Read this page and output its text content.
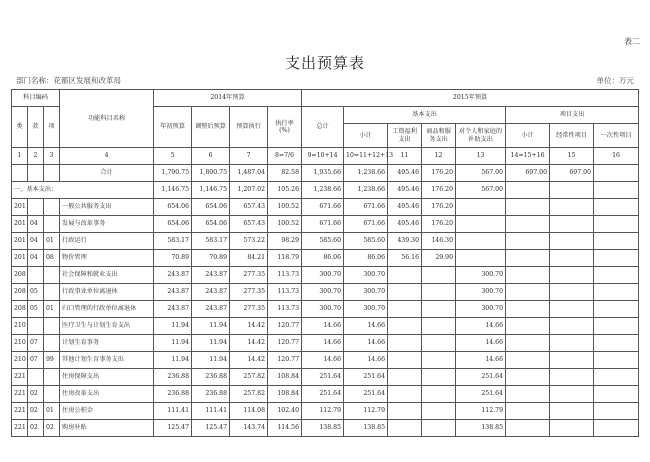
表二
支出预算表
部门名称：花都区发展和改革局	单位：万元
科目编码			功能科目名称	2014年预算				2015年预算							
类	款	项		年初预算	调整后预算	预算执行	执行率(%)	总计	基本支出				项目支出		
									小计	工资福利支出	商品和服务支出	对个人和家庭的补助支出	小计	经常性项目	一次性项目
1	2	3	4	5	6	7	8=7/6	9=10+14	10=11+12+13	11	12	13	14=15+16	15	16
			合计	1,790.75	1,800.75	1,487.04	82.58	1,935.66	1,238.66	495.46	176.20	567.00	697.00	697.00	
一、基本支出：				1,146.75	1,146.75	1,207.02	105.26	1,238.66	1,238.66	495.46	176.20	567.00			
201			一般公共服务支出	654.06	654.06	657.43	100.52	671.66	671.66	495.46	176.20				
201	04		发展与改革事务	654.06	654.06	657.43	100.52	671.66	671.66	495.46	176.20				
201	04	01	行政运行	583.17	583.17	573.22	98.29	585.60	585.60	439.30	146.30				
201	04	08	物价管理	70.89	70.89	84.21	118.79	86.06	86.06	56.16	29.90				
208			社会保障和就业支出	243.87	243.87	277.35	113.73	300.70	300.70			300.70			
208	05		行政事业单位离退休	243.87	243.87	277.35	113.73	300.70	300.70			300.70			
208	05	01	归口管理的行政单位离退休	243.87	243.87	277.35	113.73	300.70	300.70			300.70			
210			医疗卫生与计划生育支出	11.94	11.94	14.42	120.77	14.66	14.66			14.66			
210	07		计划生育事务	11.94	11.94	14.42	120.77	14.66	14.66			14.66			
210	07	99	其他计划生育事务支出	11.94	11.94	14.42	120.77	14.66	14.66			14.66			
221			住房保障支出	236.88	236.88	257.82	108.84	251.64	251.64			251.64			
221	02		住房改革支出	236.88	236.88	257.82	108.84	251.64	251.64			251.64			
221	02	01	住房公积金	111.41	111.41	114.08	102.40	112.79	112.79			112.79			
221	02	02	购房补贴	125.47	125.47	143.74	114.56	138.85	138.85			138.85			
